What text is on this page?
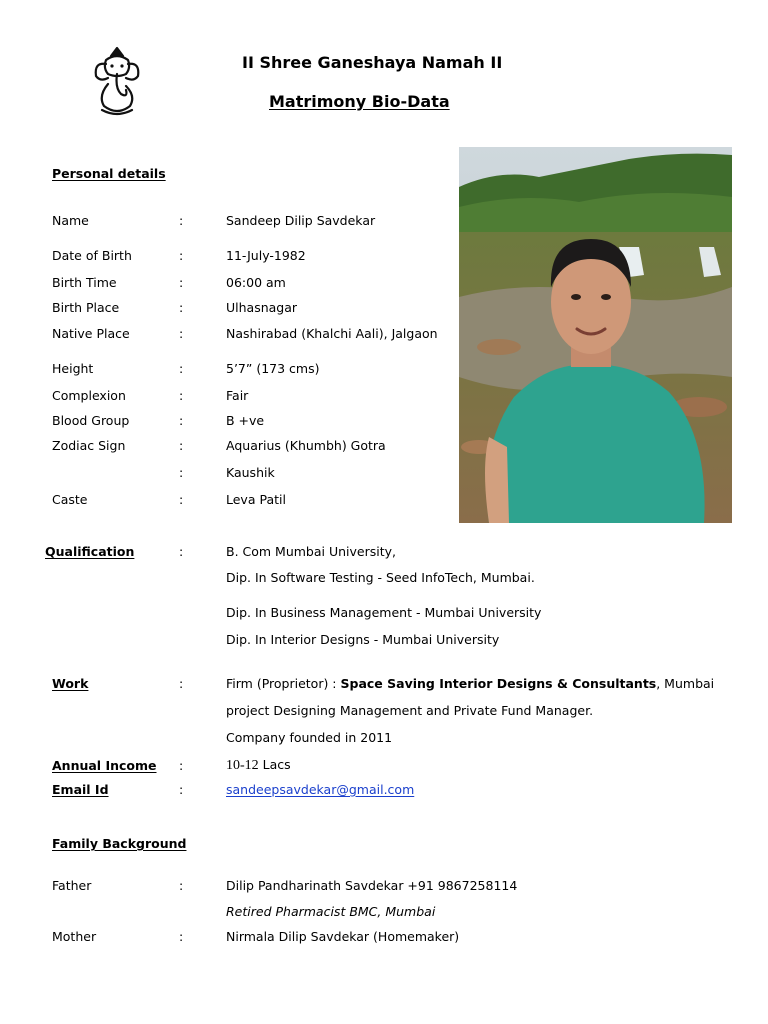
II Shree Ganeshaya Namah II
Matrimony Bio-Data
Personal details
Name	:	Sandeep Dilip Savdekar
Date of Birth	:	11-July-1982
Birth Time	:	06:00 am
Birth Place	:	Ulhasnagar
Native Place	:	Nashirabad (Khalchi Aali), Jalgaon
Height	:	5’7” (173 cms)
Complexion	:	Fair
Blood Group	:	B +ve
Zodiac Sign	:	Aquarius (Khumbh) Gotra
:	Kaushik
Caste	:	Leva Patil
Qualification	:	B. Com Mumbai University,
Dip. In Software Testing - Seed InfoTech, Mumbai.
Dip. In Business Management - Mumbai University
Dip. In Interior Designs - Mumbai University
Work	:	Firm (Proprietor) : Space Saving Interior Designs & Consultants, Mumbai
project Designing Management and Private Fund Manager.
Company founded in 2011
Annual Income :	10-12 Lacs
Email Id	:	sandeepsavdekar@gmail.com
Family Background
Father	:	Dilip Pandharinath Savdekar +91 9867258114
Retired Pharmacist BMC, Mumbai
Mother	:	Nirmala Dilip Savdekar (Homemaker)
